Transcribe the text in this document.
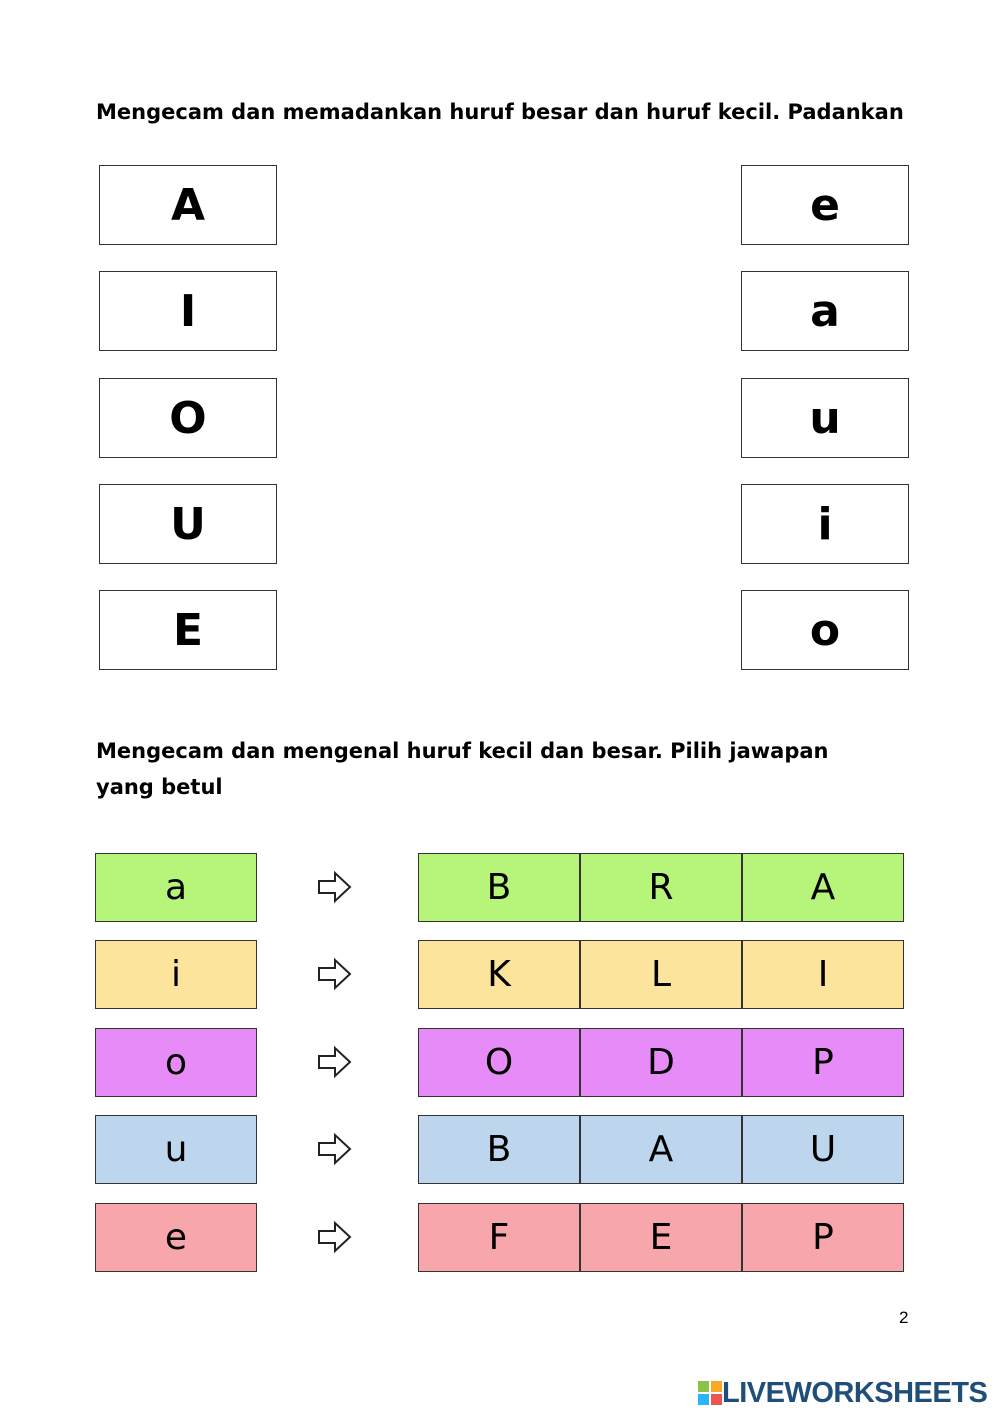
Mengecam dan memadankan huruf besar dan huruf kecil. Padankan
A
I
O
U
E
e
a
u
i
o
Mengecam dan mengenal huruf kecil dan besar. Pilih jawapan yang betul
a	B	R	A
i	K	L	I
o	O	D	P
u	B	A	U
e	F	E	P
2
LIVEWORKSHEETS
